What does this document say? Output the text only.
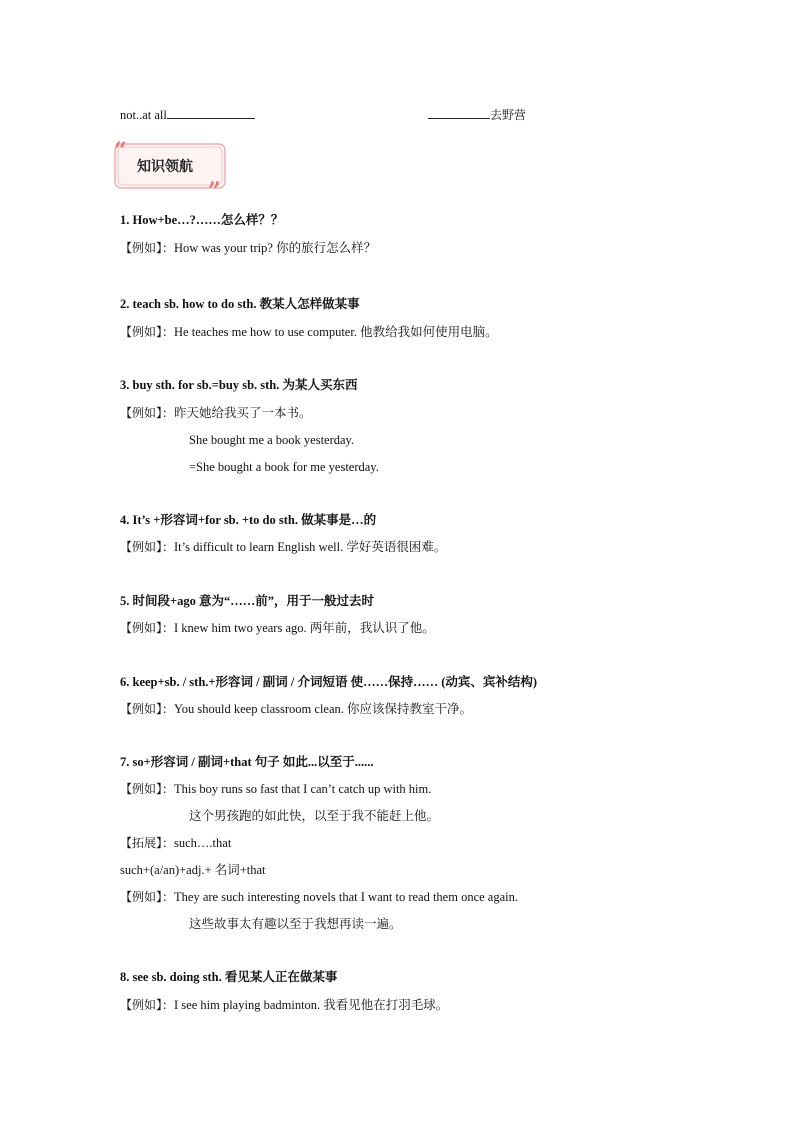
not..at all	去野营
“
”
知识领航
1. How+be…?……怎么样？？
【例如】：How was your trip? 你的旅行怎么样？
2. teach sb. how to do sth. 教某人怎样做某事
【例如】：He teaches me how to use computer. 他教给我如何使用电脑。
3. buy sth. for sb.=buy sb. sth. 为某人买东西
【例如】：昨天她给我买了一本书。
She bought me a book yesterday.
=She bought a book for me yesterday.
4. It’s +形容词+for sb. +to do sth. 做某事是…的
【例如】：It’s difficult to learn English well. 学好英语很困难。
5. 时间段+ago 意为“……前”，用于一般过去时
【例如】：I knew him two years ago. 两年前，我认识了他。
6. keep+sb. / sth.+形容词 / 副词 / 介词短语 使……保持…… (动宾、宾补结构)
【例如】：You should keep classroom clean. 你应该保持教室干净。
7. so+形容词 / 副词+that 句子 如此...以至于......
【例如】：This boy runs so fast that I can’t catch up with him.
这个男孩跑的如此快，以至于我不能赶上他。
【拓展】：such….that
such+(a/an)+adj.+ 名词+that
【例如】：They are such interesting novels that I want to read them once again.
这些故事太有趣以至于我想再读一遍。
8. see sb. doing sth. 看见某人正在做某事
【例如】：I see him playing badminton. 我看见他在打羽毛球。
